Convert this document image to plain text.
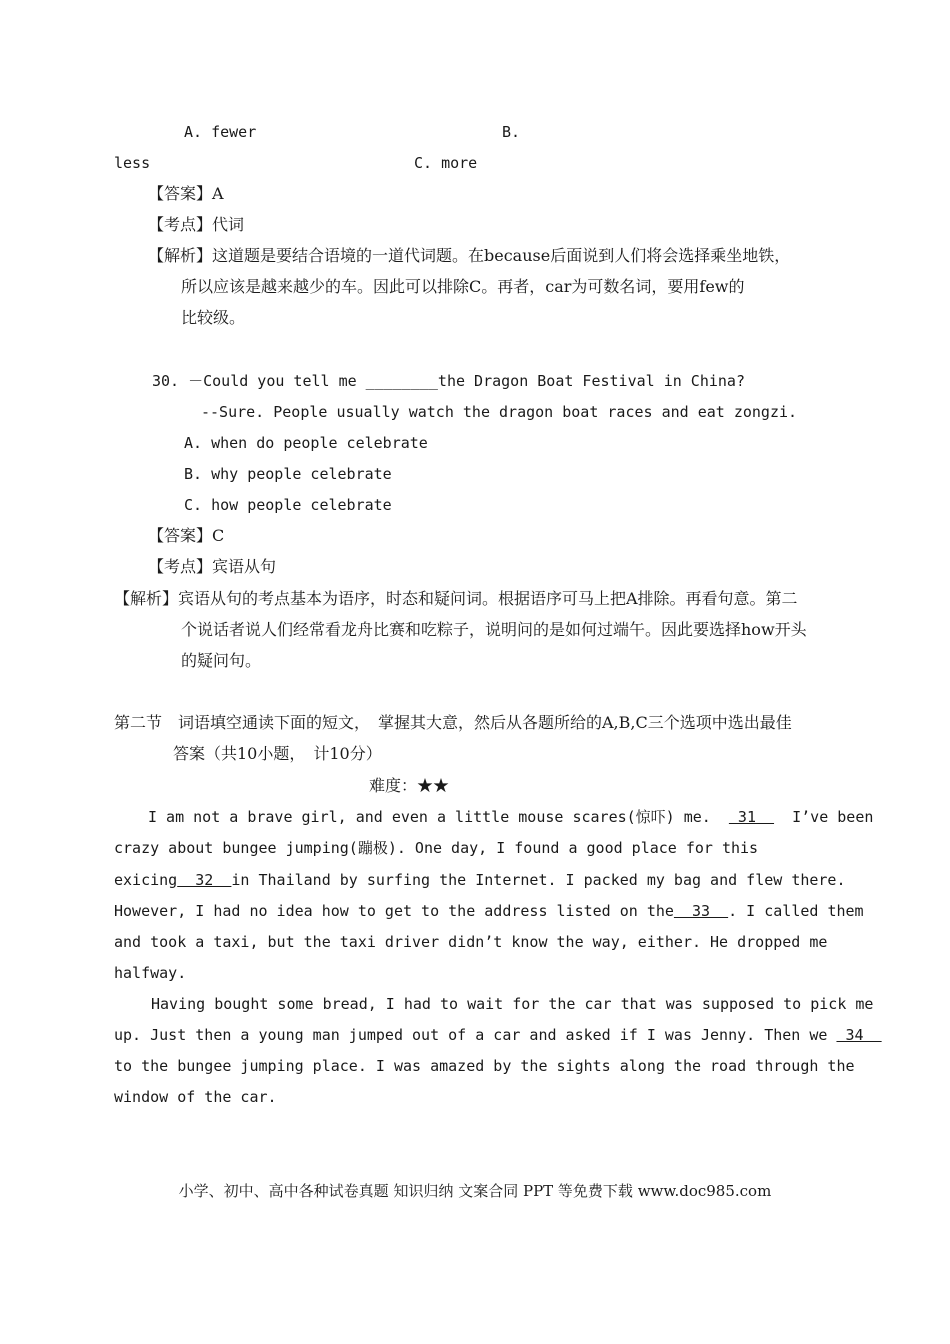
A. fewer	B.
less	C. more
【答案】A
【考点】代词
【解析】这道题是要结合语境的一道代词题。在because后面说到人们将会选择乘坐地铁，
所以应该是越来越少的车。因此可以排除C。再者，car为可数名词，要用few的
比较级。
30. －Could you tell me ________the Dragon Boat Festival in China?
--Sure. People usually watch the dragon boat races and eat zongzi.
A. when do people celebrate
B. why people celebrate
C. how people celebrate
【答案】C
【考点】宾语从句
【解析】宾语从句的考点基本为语序，时态和疑问词。根据语序可马上把A排除。再看句意。第二
个说话者说人们经常看龙舟比赛和吃粽子，说明问的是如何过端午。因此要选择how开头
的疑问句。
第二节　词语填空通读下面的短文，　掌握其大意，然后从各题所给的A,B,C三个选项中选出最佳
答案（共10小题，　计10分）
难度：★★
I am not a brave girl, and even a little mouse scares(惊吓) me.   31    I’ve been
crazy about bungee jumping(蹦极). One day, I found a good place for this
exicing  32  in Thailand by surfing the Internet. I packed my bag and flew there.
However, I had no idea how to get to the address listed on the  33  . I called them
and took a taxi, but the taxi driver didn’t know the way, either. He dropped me
halfway.
Having bought some bread, I had to wait for the car that was supposed to pick me
up. Just then a young man jumped out of a car and asked if I was Jenny. Then we  34
to the bungee jumping place. I was amazed by the sights along the road through the
window of the car.
小学、初中、高中各种试卷真题 知识归纳 文案合同 PPT 等免费下载 www.doc985.com
